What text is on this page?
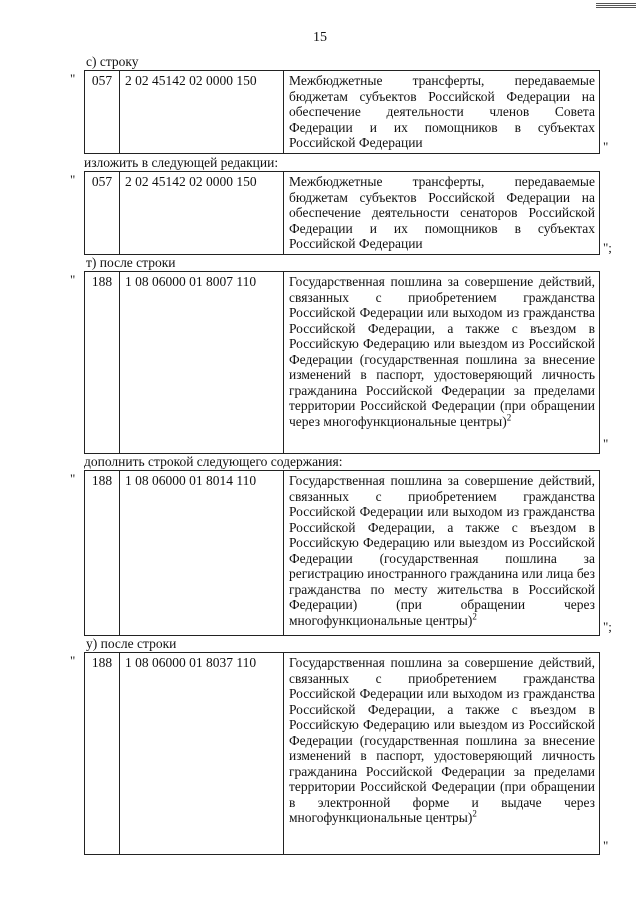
15
с) строку
"	057 2 02 45142 02 0000 150	Межбюджетные трансферты, передаваемые бюджетам субъектов Российской Федерации на обеспечение деятельности членов Совета Федерации и их помощников в субъектах Российской Федерации	"
изложить в следующей редакции:
"	057 2 02 45142 02 0000 150	Межбюджетные трансферты, передаваемые бюджетам субъектов Российской Федерации на обеспечение деятельности сенаторов Российской Федерации и их помощников в субъектах Российской Федерации	";
т) после строки
"	188 1 08 06000 01 8007 110	Государственная пошлина за совершение действий, связанных с приобретением гражданства Российской Федерации или выходом из гражданства Российской Федерации, а также с въездом в Российскую Федерацию или выездом из Российской Федерации (государственная пошлина за внесение изменений в паспорт, удостоверяющий личность гражданина Российской Федерации за пределами территории Российской Федерации (при обращении через многофункциональные центры)$^2$
"
дополнить строкой следующего содержания:
"	188 1 08 06000 01 8014 110	Государственная пошлина за совершение действий, связанных с приобретением гражданства Российской Федерации или выходом из гражданства Российской Федерации, а также с въездом в Российскую Федерацию или выездом из Российской Федерации (государственная пошлина за регистрацию иностранного гражданина или лица без гражданства по месту жительства в Российской Федерации) (при обращении через многофункциональные центры)$^2$
";
у) после строки
"	188 1 08 06000 01 8037 110	Государственная пошлина за совершение действий, связанных с приобретением гражданства Российской Федерации или выходом из гражданства Российской Федерации, а также с въездом в Российскую Федерацию или выездом из Российской Федерации (государственная пошлина за внесение изменений в паспорт, удостоверяющий личность гражданина Российской Федерации за пределами территории Российской Федерации (при обращении в электронной форме и выдаче через многофункциональные центры)$^2$
"
